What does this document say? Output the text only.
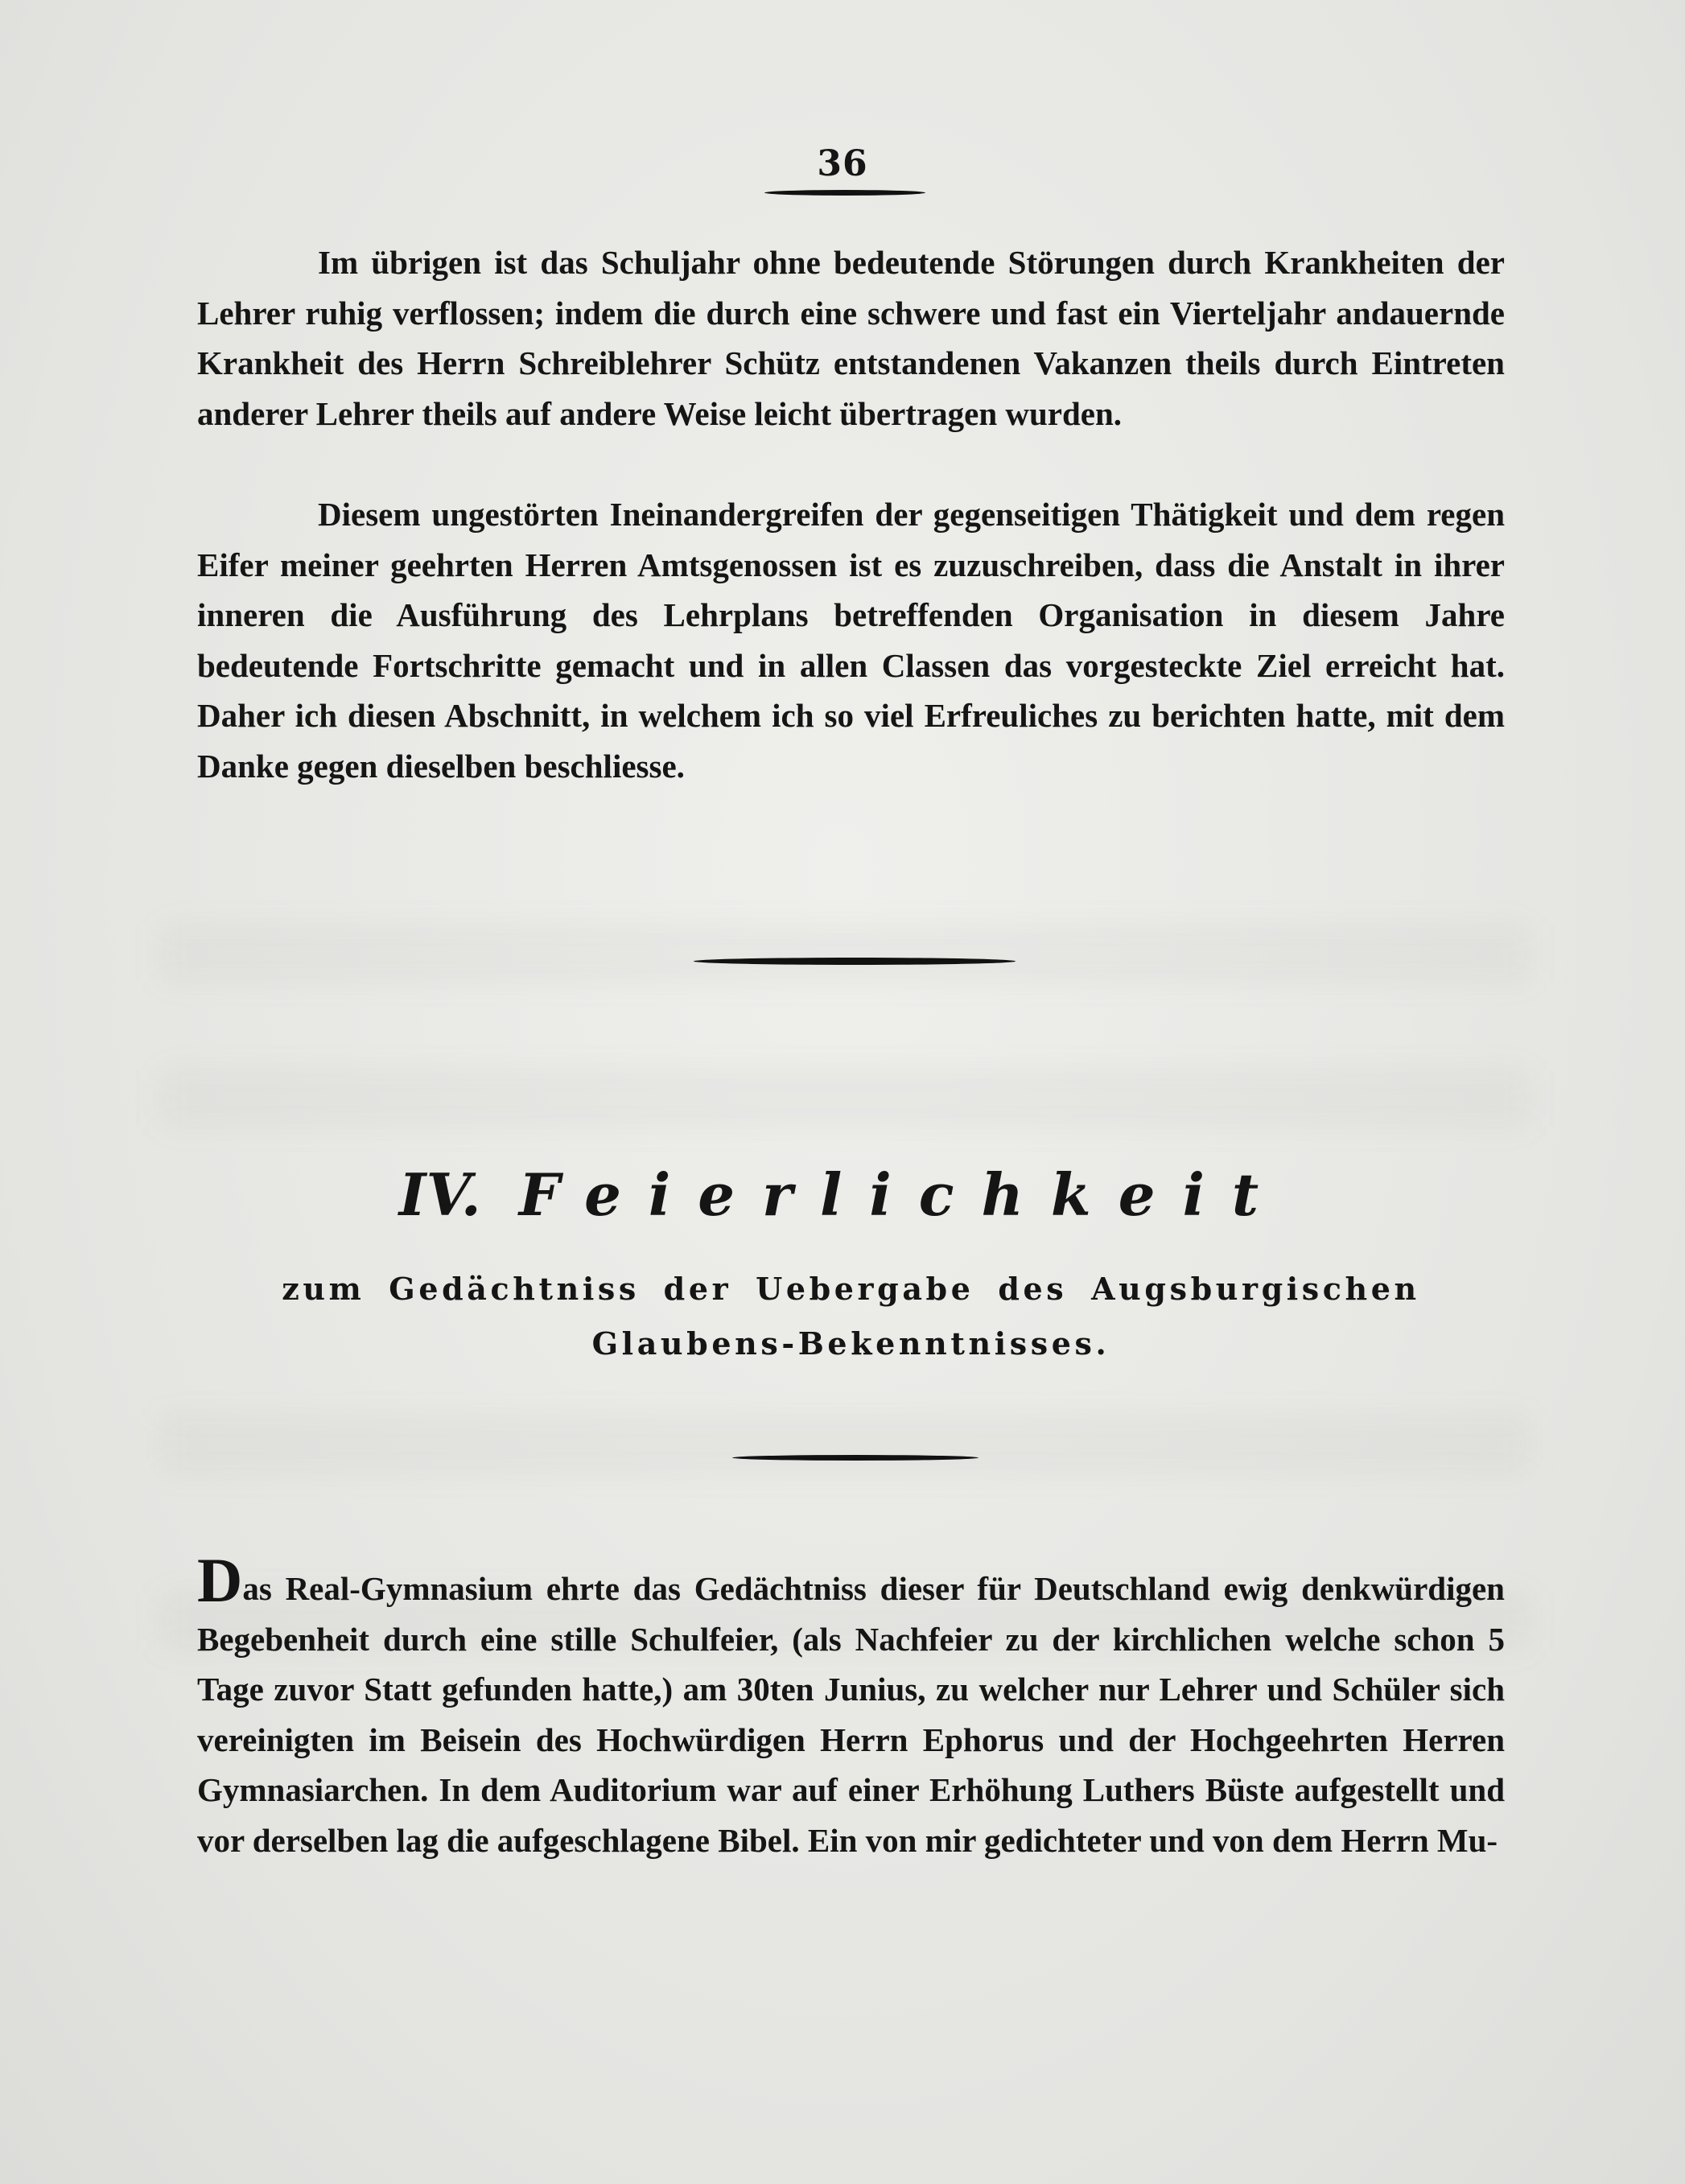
36

Im übrigen ist das Schuljahr ohne bedeutende Störungen durch Krankheiten der Lehrer ruhig verflossen; indem die durch eine schwere und fast ein Vierteljahr andauernde Krankheit des Herrn Schreiblehrer Schütz entstandenen Vakanzen theils durch Eintreten anderer Lehrer theils auf andere Weise leicht übertragen wurden.

Diesem ungestörten Ineinandergreifen der gegenseitigen Thätigkeit und dem regen Eifer meiner geehrten Herren Amtsgenossen ist es zuzuschreiben, dass die Anstalt in ihrer inneren die Ausführung des Lehrplans betreffenden Organisation in diesem Jahre bedeutende Fortschritte gemacht und in allen Classen das vorgesteckte Ziel erreicht hat. Daher ich diesen Abschnitt, in welchem ich so viel Erfreuliches zu berichten hatte, mit dem Danke gegen dieselben beschliesse.

IV. Feierlichkeit
zum Gedächtniss der Uebergabe des Augsburgischen Glaubens-Bekenntnisses.

Das Real-Gymnasium ehrte das Gedächtniss dieser für Deutschland ewig denkwürdigen Begebenheit durch eine stille Schulfeier, (als Nachfeier zu der kirchlichen welche schon 5 Tage zuvor Statt gefunden hatte,) am 30ten Junius, zu welcher nur Lehrer und Schüler sich vereinigten im Beisein des Hochwürdigen Herrn Ephorus und der Hochgeehrten Herren Gymnasiarchen. In dem Auditorium war auf einer Erhöhung Luthers Büste aufgestellt und vor derselben lag die aufgeschlagene Bibel. Ein von mir gedichteter und von dem Herrn Mu-
